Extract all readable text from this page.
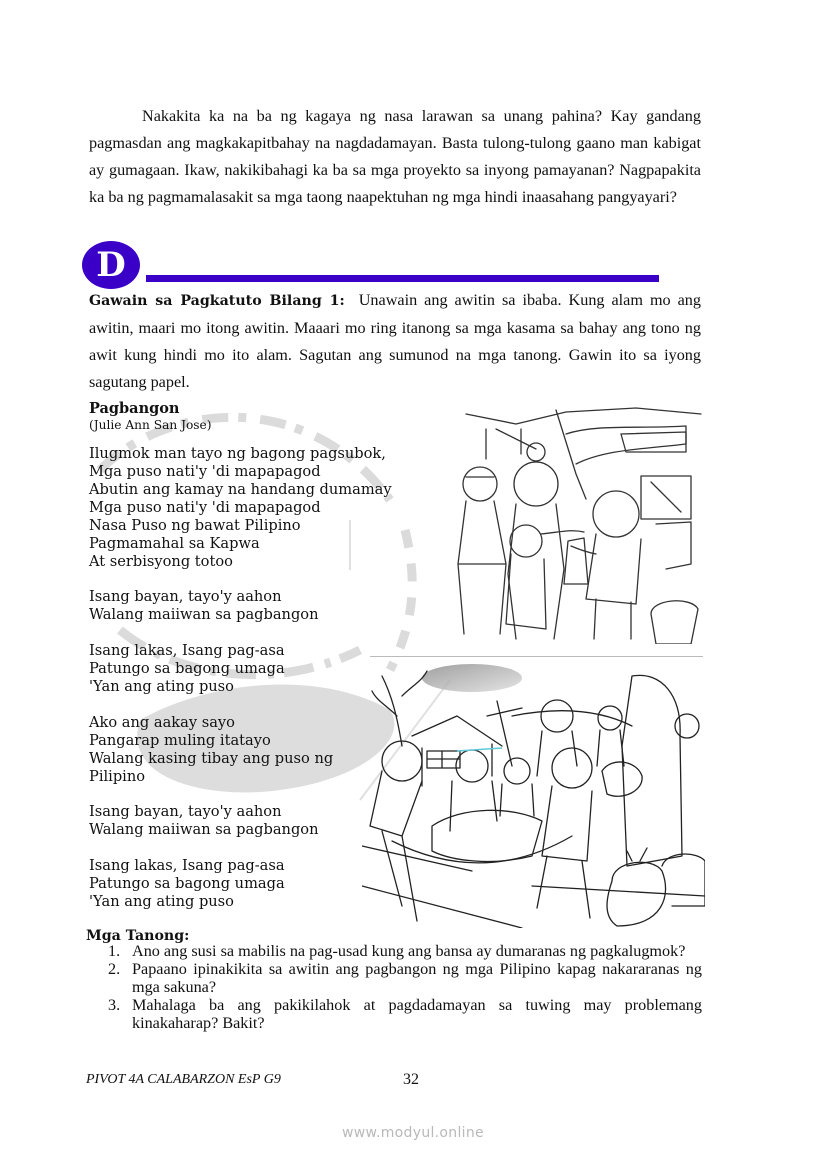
Nakakita ka na ba ng kagaya ng nasa larawan sa unang pahina? Kay gandang pagmasdan ang magkakapitbahay na nagdadamayan. Basta tulong-tulong gaano man kabigat ay gumagaan. Ikaw, nakikibahagi ka ba sa mga proyekto sa inyong pamayanan? Nagpapakita ka ba ng pagmamalasakit sa mga taong naapektuhan ng mga hindi inaasahang pangyayari?

D

Gawain sa Pagkatuto Bilang 1: Unawain ang awitin sa ibaba. Kung alam mo ang awitin, maari mo itong awitin. Maaari mo ring itanong sa mga kasama sa bahay ang tono ng awit kung hindi mo ito alam. Sagutan ang sumunod na mga tanong. Gawin ito sa iyong sagutang papel.

Pagbangon
(Julie Ann San Jose)
Ilugmok man tayo ng bagong pagsubok,
Mga puso nati'y 'di mapapagod
Abutin ang kamay na handang dumamay
Mga puso nati'y 'di mapapagod
Nasa Puso ng bawat Pilipino
Pagmamahal sa Kapwa
At serbisyong totoo
Isang bayan, tayo'y aahon
Walang maiiwan sa pagbangon
Isang lakas, Isang pag-asa
Patungo sa bagong umaga
'Yan ang ating puso
Ako ang aakay sayo
Pangarap muling itatayo
Walang kasing tibay ang puso ng
Pilipino
Isang bayan, tayo'y aahon
Walang maiiwan sa pagbangon
Isang lakas, Isang pag-asa
Patungo sa bagong umaga
'Yan ang ating puso
Mga Tanong:
1. Ano ang susi sa mabilis na pag-usad kung ang bansa ay dumaranas ng pagkalugmok?
2. Papaano ipinakikita sa awitin ang pagbangon ng mga Pilipino kapag nakararanas ng mga sakuna?
3. Mahalaga ba ang pakikilahok at pagdadamayan sa tuwing may problemang kinakaharap? Bakit?
PIVOT 4A CALABARZON EsP G9	32
www.modyul.online
